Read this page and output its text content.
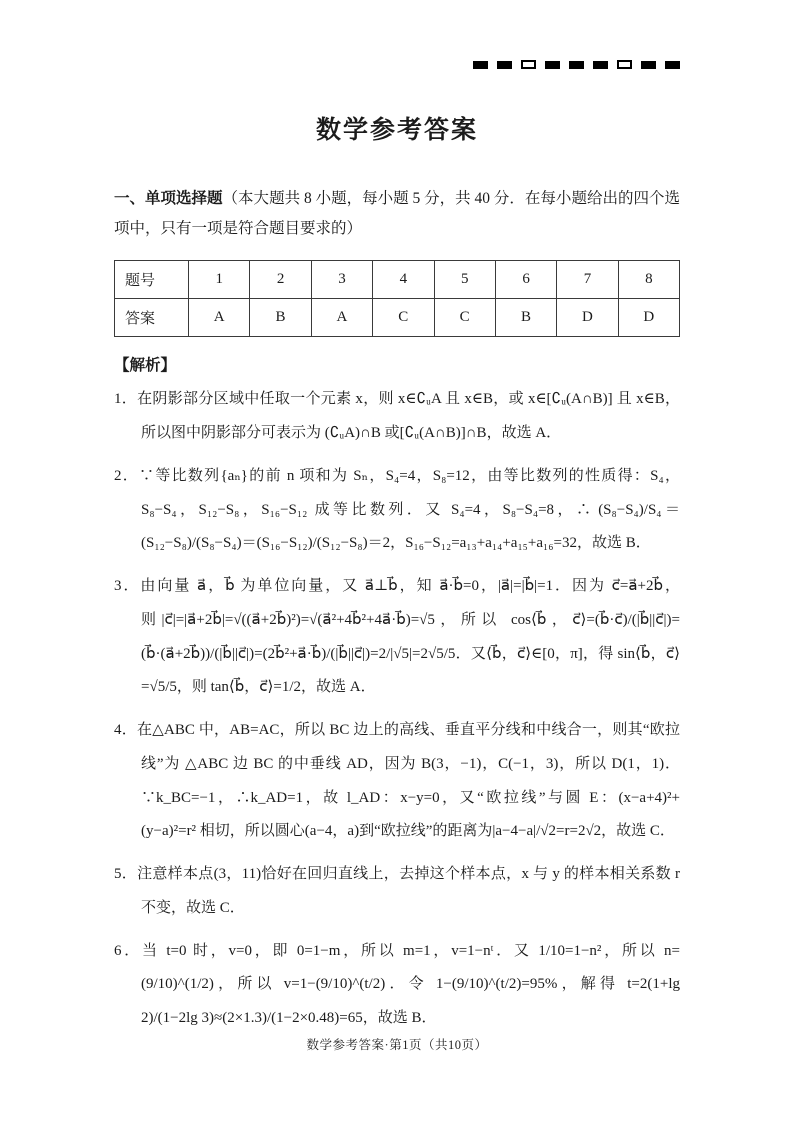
数学参考答案

一、单项选择题（本大题共 8 小题，每小题 5 分，共 40 分．在每小题给出的四个选项中，只有一项是符合题目要求的）

题号	1	2	3	4	5	6	7	8
答案	A	B	A	C	C	B	D	D

【解析】

1．在阴影部分区域中任取一个元素 x，则 x∈∁ᵤA 且 x∈B，或 x∈[∁ᵤ(A∩B)] 且 x∈B，所以图中阴影部分可表示为 (∁ᵤA)∩B 或[∁ᵤ(A∩B)]∩B，故选 A．

2．∵等比数列{aₙ}的前 n 项和为 Sₙ，S₄=4，S₈=12，由等比数列的性质得：S₄，S₈−S₄，S₁₂−S₈，S₁₆−S₁₂ 成等比数列．又 S₄=4，S₈−S₄=8，∴ (S₈−S₄)/S₄＝(S₁₂−S₈)/(S₈−S₄)＝(S₁₆−S₁₂)/(S₁₂−S₈)＝2，S₁₆−S₁₂=a₁₃+a₁₄+a₁₅+a₁₆=32，故选 B．

3．由向量 a⃗，b⃗ 为单位向量，又 a⃗⊥b⃗，知 a⃗·b⃗=0，|a⃗|=|b⃗|=1．因为 c⃗=a⃗+2b⃗，则|c⃗|=|a⃗+2b⃗|=√((a⃗+2b⃗)²)=√(a⃗²+4b⃗²+4a⃗·b⃗)=√5，所以 cos⟨b⃗，c⃗⟩=(b⃗·c⃗)/(|b⃗||c⃗|)=(b⃗·(a⃗+2b⃗))/(|b⃗||c⃗|)=(2b⃗²+a⃗·b⃗)/(|b⃗||c⃗|)=2/|√5|=2√5/5．又⟨b⃗，c⃗⟩∈[0，π]，得 sin⟨b⃗，c⃗⟩=√5/5，则 tan⟨b⃗，c⃗⟩=1/2，故选 A．

4．在△ABC 中，AB=AC，所以 BC 边上的高线、垂直平分线和中线合一，则其“欧拉线”为 △ABC 边 BC 的中垂线 AD，因为 B(3，−1)，C(−1，3)，所以 D(1，1)．∵k_BC=−1，∴k_AD=1，故 l_AD：x−y=0，又“欧拉线”与圆 E：(x−a+4)²+(y−a)²=r² 相切，所以圆心(a−4，a)到“欧拉线”的距离为|a−4−a|/√2=r=2√2，故选 C．

5．注意样本点(3，11)恰好在回归直线上，去掉这个样本点，x 与 y 的样本相关系数 r 不变，故选 C．

6．当 t=0 时，v=0，即 0=1−m，所以 m=1，v=1−nᵗ．又 1/10=1−n²，所以 n=(9/10)^(1/2)，所以 v=1−(9/10)^(t/2)．令 1−(9/10)^(t/2)=95%，解得 t=2(1+lg 2)/(1−2lg 3)≈(2×1.3)/(1−2×0.48)=65，故选 B．

数学参考答案·第1页（共10页）
